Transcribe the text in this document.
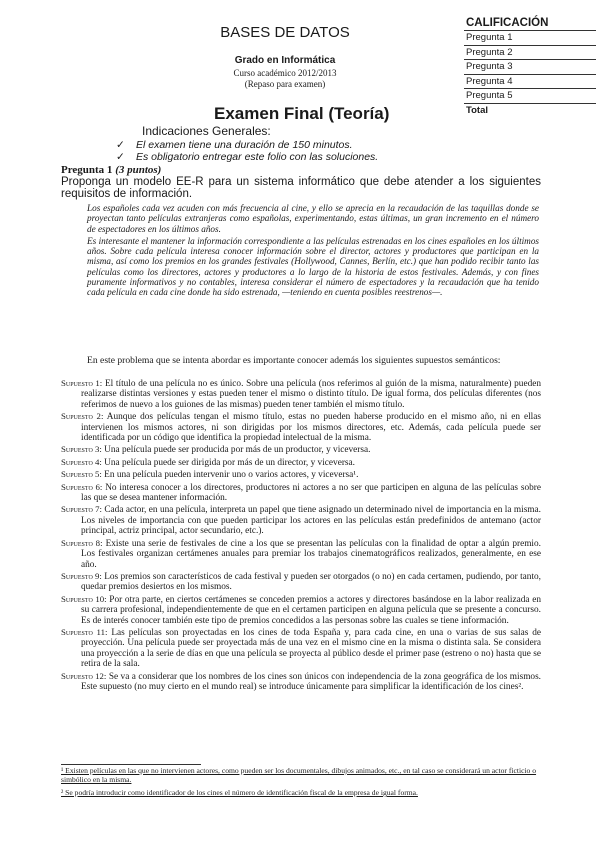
BASES DE DATOS
Grado en Informática
Curso académico 2012/2013
(Repaso para examen)
CALIFICACIÓN
Pregunta 1
Pregunta 2
Pregunta 3
Pregunta 4
Pregunta 5
Total
Examen Final (Teoría)
Indicaciones Generales:
✓ El examen tiene una duración de 150 minutos.
✓ Es obligatorio entregar este folio con las soluciones.
Pregunta 1 (3 puntos)
Proponga un modelo EE-R para un sistema informático que debe atender a los siguientes requisitos de información.

Los españoles cada vez acuden con más frecuencia al cine, y ello se aprecia en la recaudación de las taquillas donde se proyectan tanto películas extranjeras como españolas, experimentando, estas últimas, un gran incremento en el número de espectadores en los últimos años.

Es interesante el mantener la información correspondiente a las películas estrenadas en los cines españoles en los últimos años. Sobre cada película interesa conocer información sobre el director, actores y productores que participan en la misma, así como los premios en los grandes festivales (Hollywood, Cannes, Berlín, etc.) que han podido recibir tanto las películas como los directores, actores y productores a lo largo de la historia de estos festivales. Además, y con fines puramente informativos y no contables, interesa considerar el número de espectadores y la recaudación que ha tenido cada película en cada cine donde ha sido estrenada, —teniendo en cuenta posibles reestrenos—.

En este problema que se intenta abordar es importante conocer además los siguientes supuestos semánticos:
Supuesto 1: El título de una película no es único. Sobre una película (nos referimos al guión de la misma, naturalmente) pueden realizarse distintas versiones y estas pueden tener el mismo o distinto título. De igual forma, dos películas diferentes (nos referimos de nuevo a los guiones de las mismas) pueden tener también el mismo título.
Supuesto 2: Aunque dos películas tengan el mismo título, estas no pueden haberse producido en el mismo año, ni en ellas intervienen los mismos actores, ni son dirigidas por los mismos directores, etc. Además, cada película puede ser identificada por un código que identifica la propiedad intelectual de la misma.
Supuesto 3: Una película puede ser producida por más de un productor, y viceversa.
Supuesto 4: Una película puede ser dirigida por más de un director, y viceversa.
Supuesto 5: En una película pueden intervenir uno o varios actores, y viceversa¹.
Supuesto 6: No interesa conocer a los directores, productores ni actores a no ser que participen en alguna de las películas sobre las que se desea mantener información.
Supuesto 7: Cada actor, en una película, interpreta un papel que tiene asignado un determinado nivel de importancia en la misma. Los niveles de importancia con que pueden participar los actores en las películas están predefinidos de antemano (actor principal, actriz principal, actor secundario, etc.).
Supuesto 8: Existe una serie de festivales de cine a los que se presentan las películas con la finalidad de optar a algún premio. Los festivales organizan certámenes anuales para premiar los trabajos cinematográficos realizados, generalmente, en ese año.
Supuesto 9: Los premios son característicos de cada festival y pueden ser otorgados (o no) en cada certamen, pudiendo, por tanto, quedar premios desiertos en los mismos.
Supuesto 10: Por otra parte, en ciertos certámenes se conceden premios a actores y directores basándose en la labor realizada en su carrera profesional, independientemente de que en el certamen participen en alguna película que se presente a concurso. Es de interés conocer también este tipo de premios concedidos a las personas sobre las cuales se tiene información.
Supuesto 11: Las películas son proyectadas en los cines de toda España y, para cada cine, en una o varias de sus salas de proyección. Una película puede ser proyectada más de una vez en el mismo cine en la misma o distinta sala. Se considera una proyección a la serie de días en que una película se proyecta al público desde el primer pase (estreno o no) hasta que se retira de la sala.
Supuesto 12: Se va a considerar que los nombres de los cines son únicos con independencia de la zona geográfica de los mismos. Este supuesto (no muy cierto en el mundo real) se introduce únicamente para simplificar la identificación de los cines².

¹ Existen películas en las que no intervienen actores, como pueden ser los documentales, dibujos animados, etc., en tal caso se considerará un actor ficticio o simbólico en la misma.

² Se podría introducir como identificador de los cines el número de identificación fiscal de la empresa de igual forma.
